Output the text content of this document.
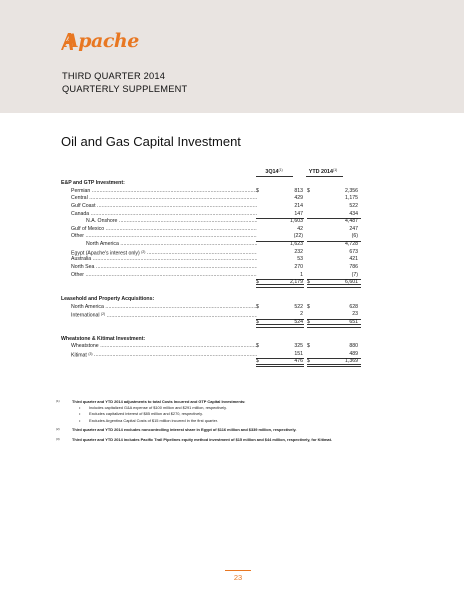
Apache
THIRD QUARTER 2014
QUARTERLY SUPPLEMENT
Oil and Gas Capital Investment
3Q14$^{(1)}$	YTD 2014$^{(1)}$
E&P and GTP Investment:
Permian .....	$	813 $	2,356
Central .....	429	1,175
Gulf Coast .....	214	522
Canada .....	147	434
N.A. Onshore .....	1,603	4,487
Gulf of Mexico .....	42	247
Other .....	(22)	(6)
North America .....	1,623	4,728
Egypt (Apache's interest only) $^{(2)}$ .....	232	673
Australia .....	53	421
North Sea .....	270	786
Other .....	1	(7)
$	2,179 $	6,601
Leasehold and Property Acquisitions:
North America .....	$	522 $	628
International $^{(2)}$ .....	2	23
$	524 $	651
Wheatstone & Kitimat Investment:
Wheatstone .....	$	325 $	880
Kitimat $^{(3)}$ .....	151	489
$	476 $	1,369
(1)	Third quarter and YTD 2014 adjustments to total Costs Incurred and GTP Capital Investments:
• Includes capitalized G&A expense of $100 million and $291 million, respectively.
• Excludes capitalized interest of $85 million and $270, respectively.
• Excludes Argentina Capital Costs of $15 million incurred in the first quarter.
(2)	Third quarter and YTD 2014 excludes noncontrolling interest share in Egypt of $116 million and $339 million, respectively.
(3)	Third quarter and YTD 2014 includes Pacific Trail Pipelines equity method investment of $15 million and $44 million, respectively, for Kitimat.
23
